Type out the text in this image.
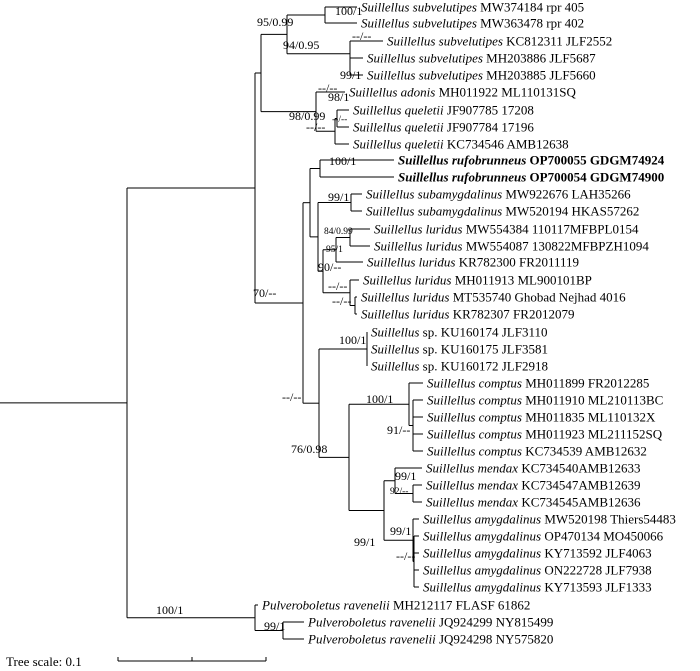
Suillellus subvelutipes MW374184 rpr 405
Suillellus subvelutipes MW363478 rpr 402
Suillellus subvelutipes KC812311 JLF2552
Suillellus subvelutipes MH203886 JLF5687
Suillellus subvelutipes MH203885 JLF5660
Suillellus adonis MH011922 ML110131SQ
Suillellus queletii JF907785 17208
Suillellus queletii JF907784 17196
Suillellus queletii KC734546 AMB12638
Suillellus rufobrunneus OP700055 GDGM74924
Suillellus rufobrunneus OP700054 GDGM74900
Suillellus subamygdalinus MW922676 LAH35266
Suillellus subamygdalinus MW520194 HKAS57262
Suillellus luridus MW554384 110117MFBPL0154
Suillellus luridus MW554087 130822MFBPZH1094
Suillellus luridus KR782300 FR2011119
Suillellus luridus MH011913 ML900101BP
Suillellus luridus MT535740 Ghobad Nejhad 4016
Suillellus luridus KR782307 FR2012079
Suillellus sp. KU160174 JLF3110
Suillellus sp. KU160175 JLF3581
Suillellus sp. KU160172 JLF2918
Suillellus comptus MH011899 FR2012285
Suillellus comptus MH011910 ML210113BC
Suillellus comptus MH011835 ML110132X
Suillellus comptus MH011923 ML211152SQ
Suillellus comptus KC734539 AMB12632
Suillellus mendax KC734540AMB12633
Suillellus mendax KC734547AMB12639
Suillellus mendax KC734545AMB12636
Suillellus amygdalinus MW520198 Thiers54483
Suillellus amygdalinus OP470134 MO450066
Suillellus amygdalinus KY713592 JLF4063
Suillellus amygdalinus ON222728 JLF7938
Suillellus amygdalinus KY713593 JLF1333
Pulveroboletus ravenelii MH212117 FLASF 61862
Pulveroboletus ravenelii JQ924299 NY815499
Pulveroboletus ravenelii JQ924298 NY575820
95/0.99
100/1
94/0.95
--/--
99/1
--/--
98/1
98/0.99
--/-- --/--
100/1
99/1
84/0.99
95/1
90/--
--/--
--/--
70/--
100/1
--/--	100/1
91/--
76/0.98
99/1
92/--
99/1
99/1
--/--
100/1
99/1
Tree scale: 0.1
